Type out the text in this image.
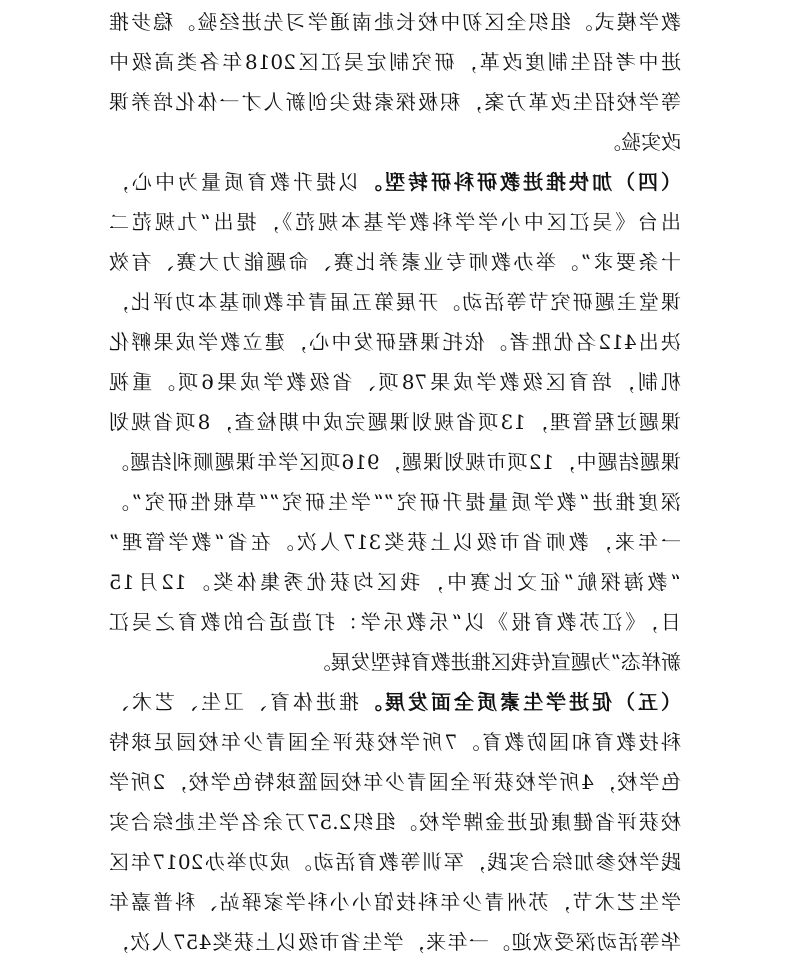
教学模式。组织全区初中校长赴南通学习先进经验。稳步推
进中考招生制度改革，研究制定吴江区2018年各类高级中
等学校招生改革方案，积极探索拔尖创新人才一体化培养课
改实验。
（四）加快推进教研科研转型。以提升教育质量为中心，
出台《吴江区中小学学科教学基本规范》，提出“九规范二
十条要求”。举办教师专业素养比赛、命题能力大赛、有效
课堂主题研究节等活动。开展第五届青年教师基本功评比，
决出412名优胜者。依托课程研发中心，建立教学成果孵化
机制，培育区级教学成果78项、省级教学成果6项。重视
课题过程管理，13项省规划课题完成中期检查，8项省规划
课题结题中，12项市规划课题，916项区学年课题顺利结题。
深度推进“教学质量提升研究”“学生研究”“草根性研究”。
一年来，教师省市级以上获奖317人次。在省“教学管理”
“教海探航”征文比赛中，我区均获优秀集体奖。12月15
日，《江苏教育报》以“乐教乐学：打造适合的教育之吴江
新样态”为题宣传我区推进教育转型发展。
（五）促进学生素质全面发展。推进体育、卫生、艺术、
科技教育和国防教育。7所学校获评全国青少年校园足球特
色学校，4所学校获评全国青少年校园篮球特色学校，2所学
校获评省健康促进金牌学校。组织2.57万余名学生赴综合实
践学校参加综合实践，军训等教育活动。成功举办2017年区
学生艺术节，苏州青少年科技馆小小科学家驿站、科普嘉年
华等活动深受欢迎。一年来，学生省市级以上获奖457人次，
